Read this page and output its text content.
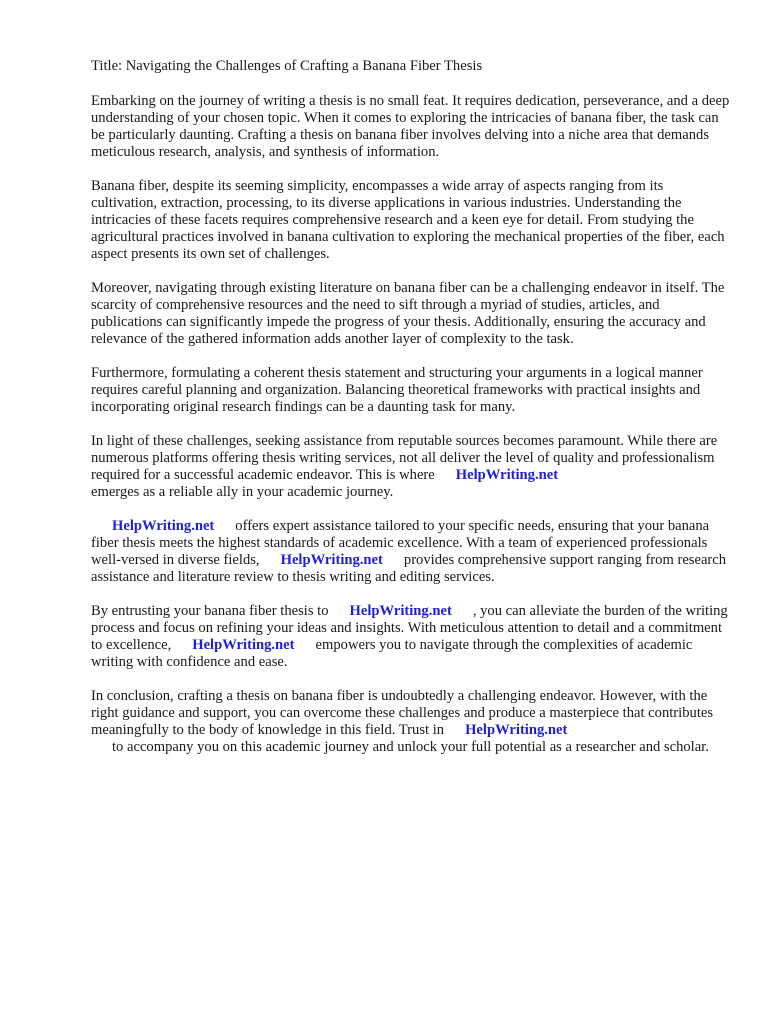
Title: Navigating the Challenges of Crafting a Banana Fiber Thesis

Embarking on the journey of writing a thesis is no small feat. It requires dedication, perseverance, and a deep understanding of your chosen topic. When it comes to exploring the intricacies of banana fiber, the task can be particularly daunting. Crafting a thesis on banana fiber involves delving into a niche area that demands meticulous research, analysis, and synthesis of information.

Banana fiber, despite its seeming simplicity, encompasses a wide array of aspects ranging from its cultivation, extraction, processing, to its diverse applications in various industries. Understanding the intricacies of these facets requires comprehensive research and a keen eye for detail. From studying the agricultural practices involved in banana cultivation to exploring the mechanical properties of the fiber, each aspect presents its own set of challenges.

Moreover, navigating through existing literature on banana fiber can be a challenging endeavor in itself. The scarcity of comprehensive resources and the need to sift through a myriad of studies, articles, and publications can significantly impede the progress of your thesis. Additionally, ensuring the accuracy and relevance of the gathered information adds another layer of complexity to the task.

Furthermore, formulating a coherent thesis statement and structuring your arguments in a logical manner requires careful planning and organization. Balancing theoretical frameworks with practical insights and incorporating original research findings can be a daunting task for many.

In light of these challenges, seeking assistance from reputable sources becomes paramount. While there are numerous platforms offering thesis writing services, not all deliver the level of quality and professionalism required for a successful academic endeavor. This is where HelpWriting.net
emerges as a reliable ally in your academic journey.

HelpWriting.net offers expert assistance tailored to your specific needs, ensuring that your banana fiber thesis meets the highest standards of academic excellence. With a team of experienced professionals well-versed in diverse fields, HelpWriting.net provides comprehensive support ranging from research assistance and literature review to thesis writing and editing services.

By entrusting your banana fiber thesis to HelpWriting.net , you can alleviate the burden of the writing process and focus on refining your ideas and insights. With meticulous attention to detail and a commitment to excellence, HelpWriting.net empowers you to navigate through the complexities of academic writing with confidence and ease.

In conclusion, crafting a thesis on banana fiber is undoubtedly a challenging endeavor. However, with the right guidance and support, you can overcome these challenges and produce a masterpiece that contributes meaningfully to the body of knowledge in this field. Trust in HelpWriting.net
to accompany you on this academic journey and unlock your full potential as a researcher and scholar.
